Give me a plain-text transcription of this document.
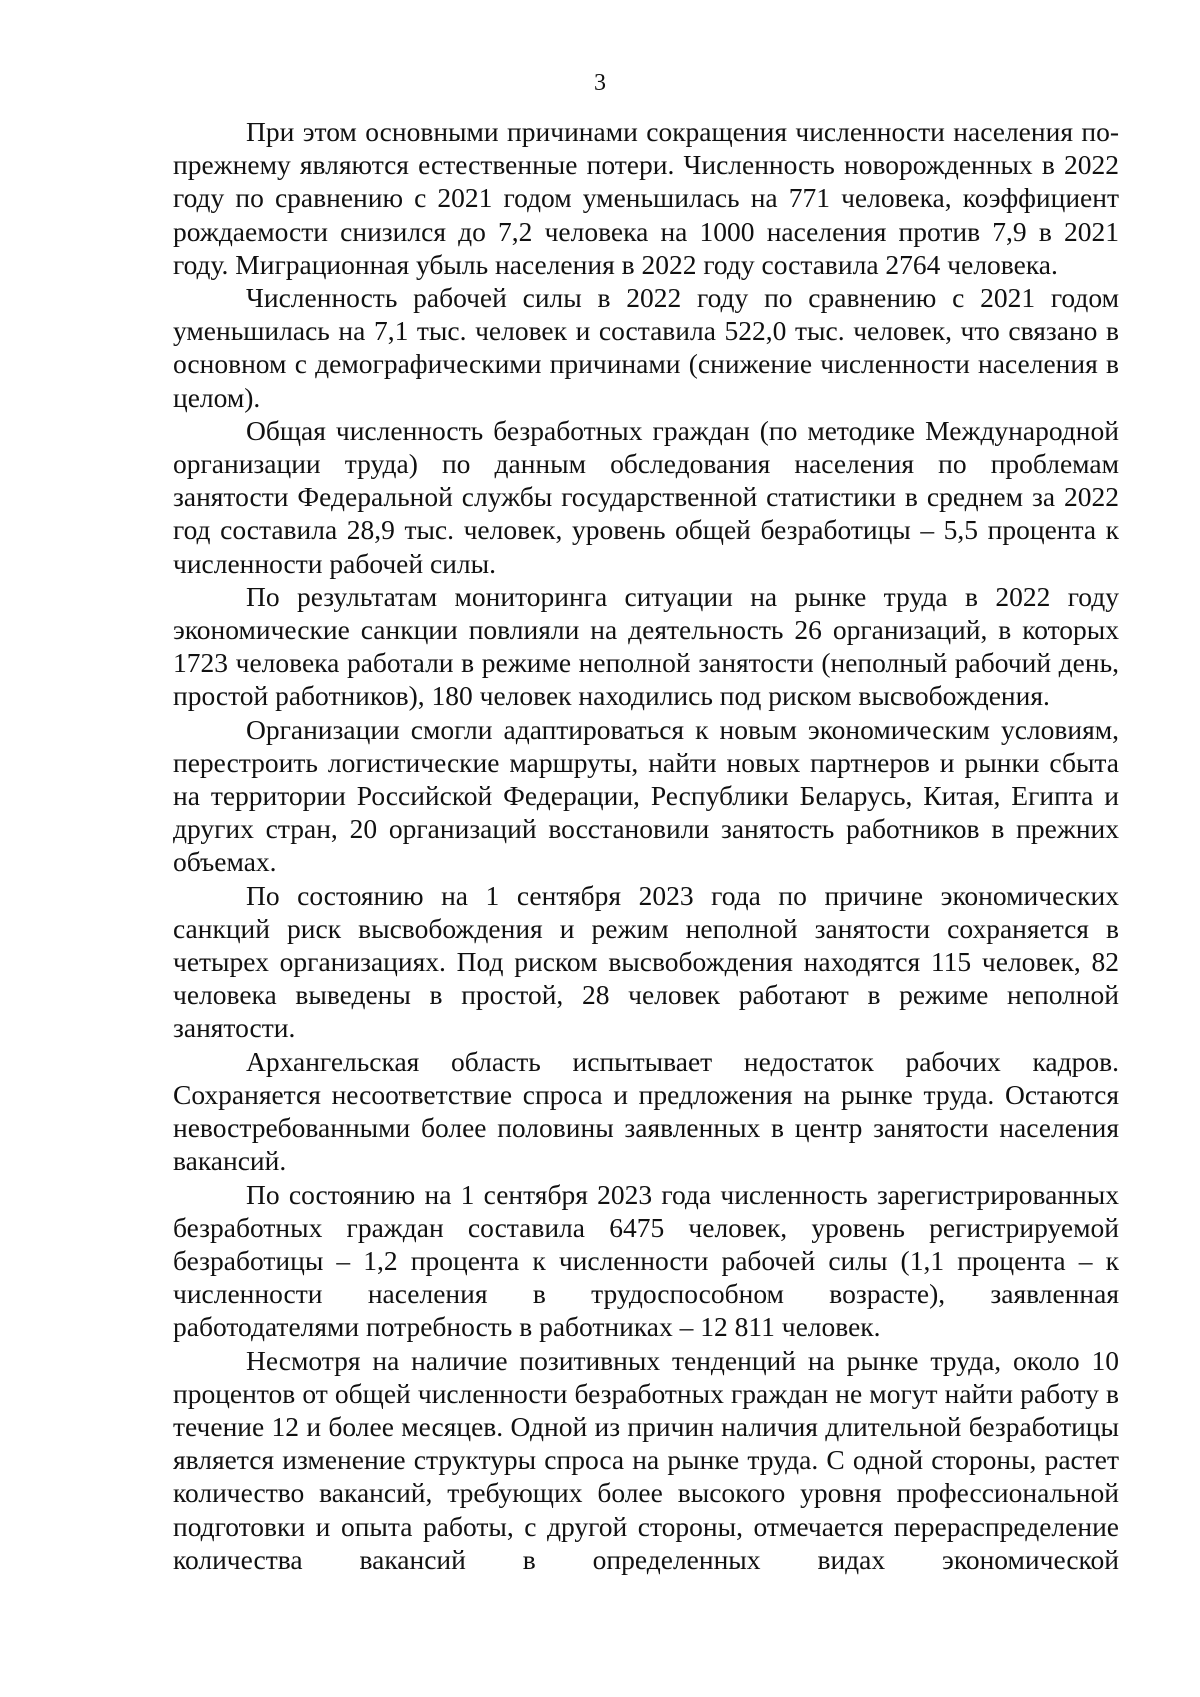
3

При этом основными причинами сокращения численности населения по-прежнему являются естественные потери. Численность новорожденных в 2022 году по сравнению с 2021 годом уменьшилась на 771 человека, коэффициент рождаемости снизился до 7,2 человека на 1000 населения против 7,9 в 2021 году. Миграционная убыль населения в 2022 году составила 2764 человека.

Численность рабочей силы в 2022 году по сравнению с 2021 годом уменьшилась на 7,1 тыс. человек и составила 522,0 тыс. человек, что связано в основном с демографическими причинами (снижение численности населения в целом).

Общая численность безработных граждан (по методике Международной организации труда) по данным обследования населения по проблемам занятости Федеральной службы государственной статистики в среднем за 2022 год составила 28,9 тыс. человек, уровень общей безработицы – 5,5 процента к численности рабочей силы.

По результатам мониторинга ситуации на рынке труда в 2022 году экономические санкции повлияли на деятельность 26 организаций, в которых 1723 человека работали в режиме неполной занятости (неполный рабочий день, простой работников), 180 человек находились под риском высвобождения.

Организации смогли адаптироваться к новым экономическим условиям, перестроить логистические маршруты, найти новых партнеров и рынки сбыта на территории Российской Федерации, Республики Беларусь, Китая, Египта и других стран, 20 организаций восстановили занятость работников в прежних объемах.

По состоянию на 1 сентября 2023 года по причине экономических санкций риск высвобождения и режим неполной занятости сохраняется в четырех организациях. Под риском высвобождения находятся 115 человек, 82 человека выведены в простой, 28 человек работают в режиме неполной занятости.

Архангельская область испытывает недостаток рабочих кадров. Сохраняется несоответствие спроса и предложения на рынке труда. Остаются невостребованными более половины заявленных в центр занятости населения вакансий.

По состоянию на 1 сентября 2023 года численность зарегистрированных безработных граждан составила 6475 человек, уровень регистрируемой безработицы – 1,2 процента к численности рабочей силы (1,1 процента – к численности населения в трудоспособном возрасте), заявленная работодателями потребность в работниках – 12 811 человек.

Несмотря на наличие позитивных тенденций на рынке труда, около 10 процентов от общей численности безработных граждан не могут найти работу в течение 12 и более месяцев. Одной из причин наличия длительной безработицы является изменение структуры спроса на рынке труда. С одной стороны, растет количество вакансий, требующих более высокого уровня профессиональной подготовки и опыта работы, с другой стороны, отмечается перераспределение количества вакансий в определенных видах экономической
